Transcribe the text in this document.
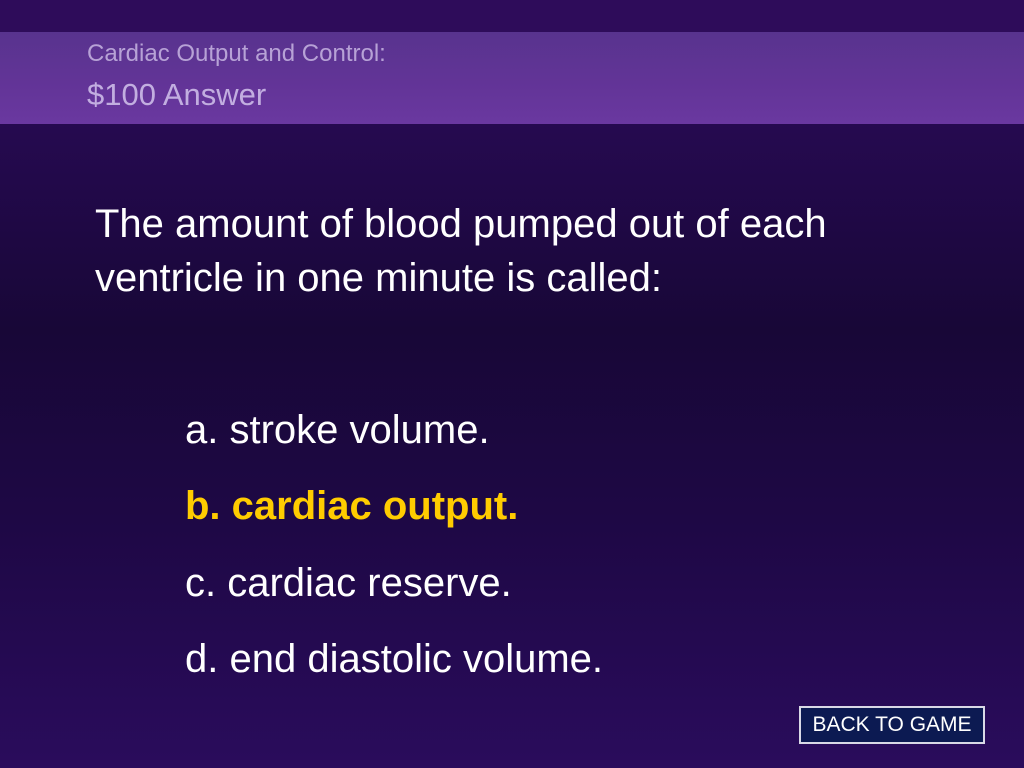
Cardiac Output and Control:
$100 Answer
The amount of blood pumped out of each ventricle in one minute is called:
a. stroke volume.
b. cardiac output.
c. cardiac reserve.
d. end diastolic volume.
BACK TO GAME
